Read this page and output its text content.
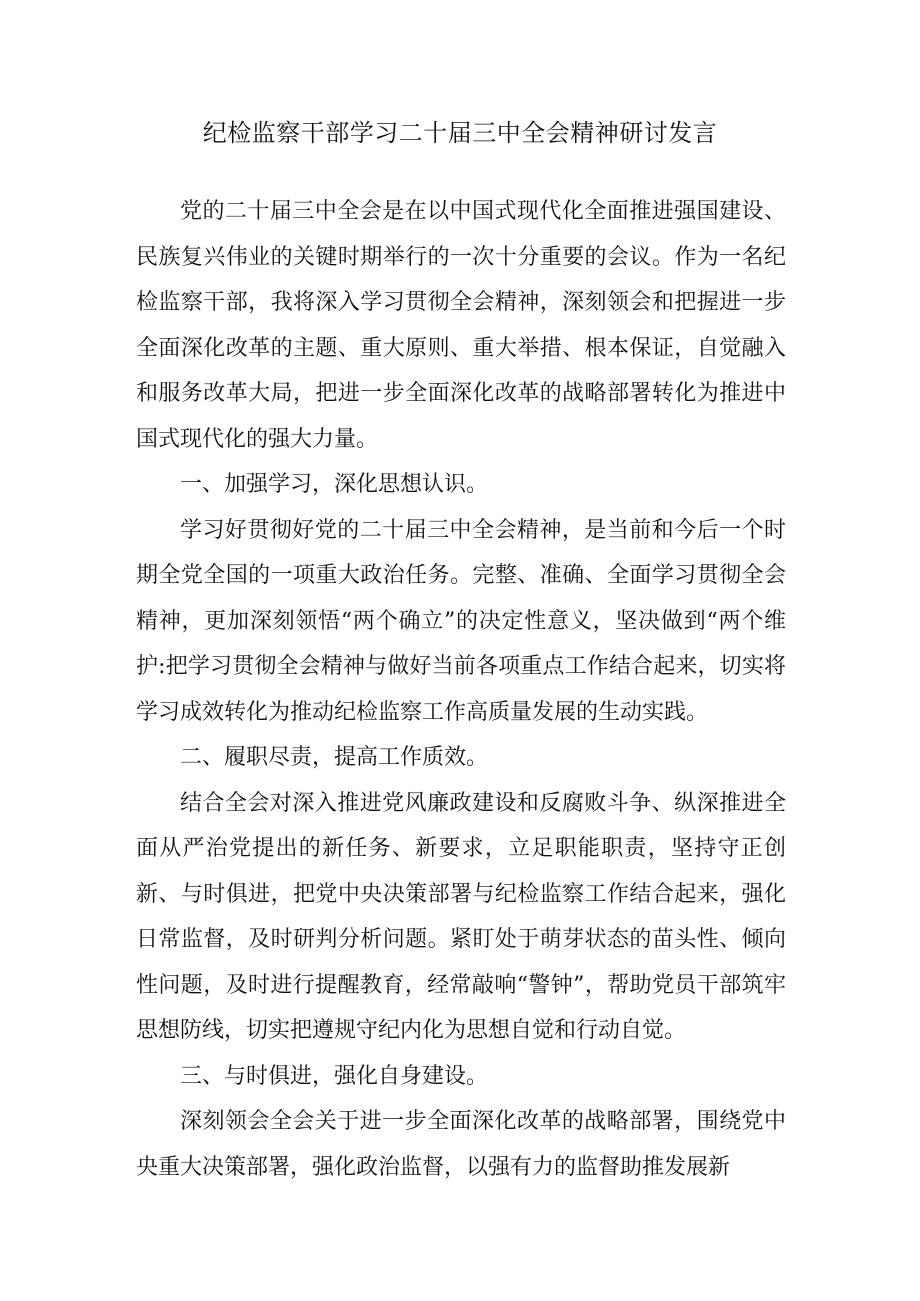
纪检监察干部学习二十届三中全会精神研讨发言

党的二十届三中全会是在以中国式现代化全面推进强国建设、民族复兴伟业的关键时期举行的一次十分重要的会议。作为一名纪检监察干部，我将深入学习贯彻全会精神，深刻领会和把握进一步全面深化改革的主题、重大原则、重大举措、根本保证，自觉融入和服务改革大局，把进一步全面深化改革的战略部署转化为推进中国式现代化的强大力量。

一、加强学习，深化思想认识。

学习好贯彻好党的二十届三中全会精神，是当前和今后一个时期全党全国的一项重大政治任务。完整、准确、全面学习贯彻全会精神，更加深刻领悟“两个确立”的决定性意义，坚决做到“两个维护:把学习贯彻全会精神与做好当前各项重点工作结合起来，切实将学习成效转化为推动纪检监察工作高质量发展的生动实践。

二、履职尽责，提高工作质效。

结合全会对深入推进党风廉政建设和反腐败斗争、纵深推进全面从严治党提出的新任务、新要求，立足职能职责，坚持守正创新、与时俱进，把党中央决策部署与纪检监察工作结合起来，强化日常监督，及时研判分析问题。紧盯处于萌芽状态的苗头性、倾向性问题，及时进行提醒教育，经常敲响“警钟”，帮助党员干部筑牢思想防线，切实把遵规守纪内化为思想自觉和行动自觉。

三、与时俱进，强化自身建设。

深刻领会全会关于进一步全面深化改革的战略部署，围绕党中央重大决策部署，强化政治监督，以强有力的监督助推发展新
